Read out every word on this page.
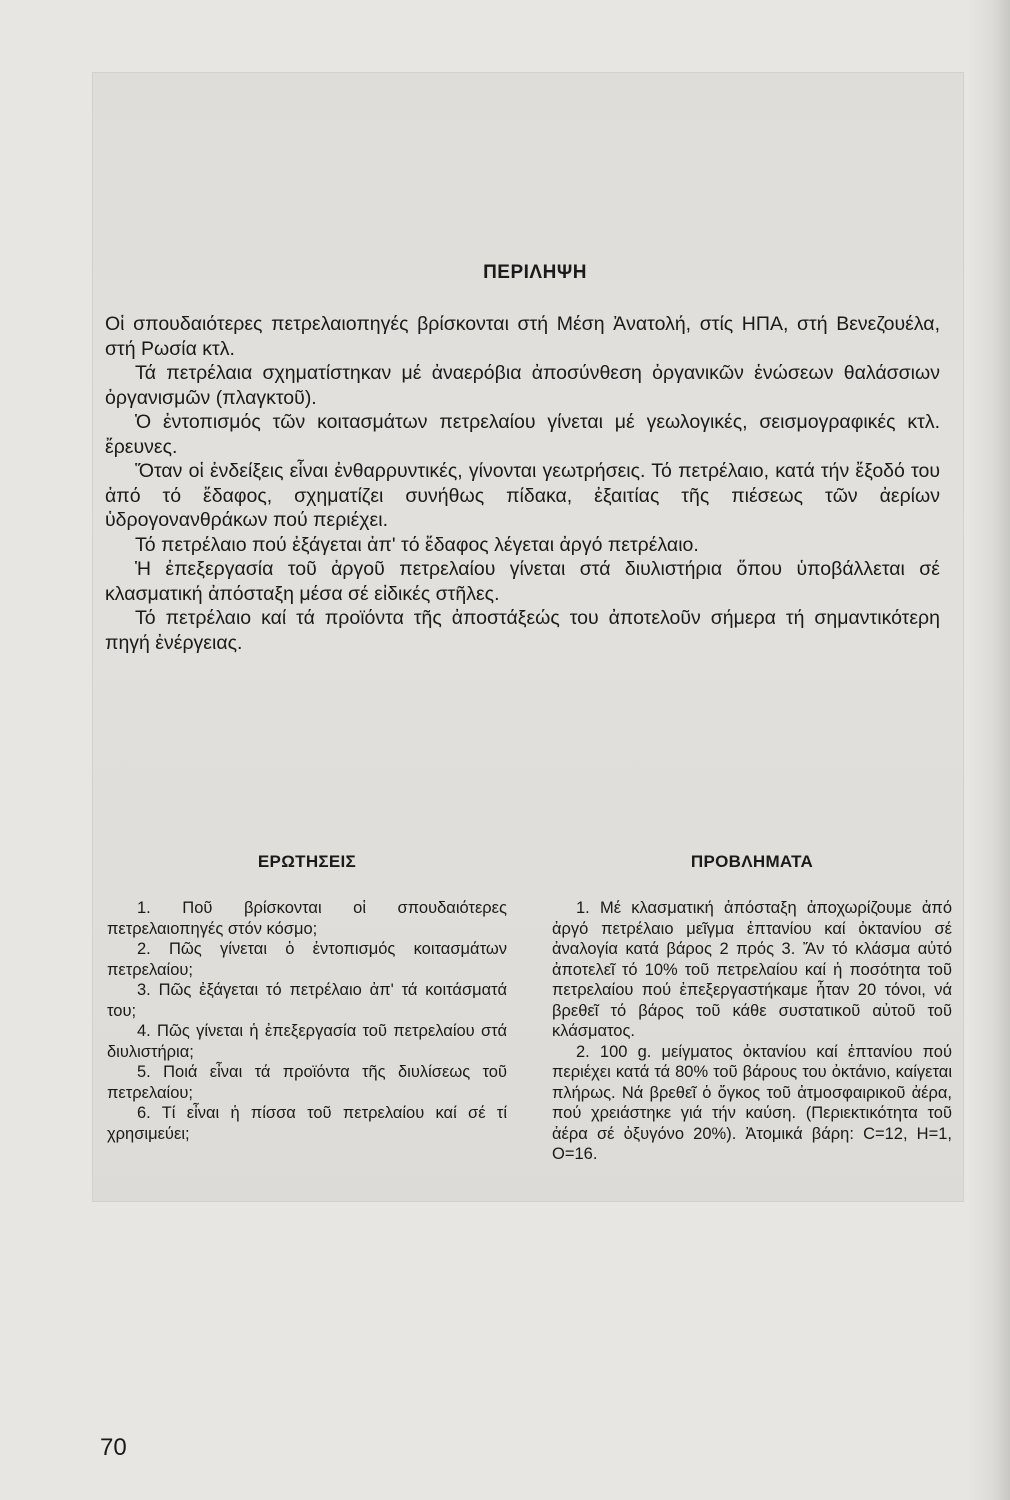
ΠΕΡΙΛΗΨΗ

Οἱ σπουδαιότερες πετρελαιοπηγές βρίσκονται στή Μέση Ἀνατολή, στίς ΗΠΑ, στή Βενεζουέλα, στή Ρωσία κτλ.

Τά πετρέλαια σχηματίστηκαν μέ ἀναερόβια ἀποσύνθεση ὀργανικῶν ἑνώσεων θαλάσσιων ὀργανισμῶν (πλαγκτοῦ).

Ὁ ἐντοπισμός τῶν κοιτασμάτων πετρελαίου γίνεται μέ γεωλογικές, σεισμογραφικές κτλ. ἔρευνες.

Ὅταν οἱ ἐνδείξεις εἶναι ἐνθαρρυντικές, γίνονται γεωτρήσεις. Τό πετρέλαιο, κατά τήν ἔξοδό του ἀπό τό ἔδαφος, σχηματίζει συνήθως πίδακα, ἐξαιτίας τῆς πιέσεως τῶν ἀερίων ὑδρογονανθράκων πού περιέχει.

Τό πετρέλαιο πού ἐξάγεται ἀπ' τό ἔδαφος λέγεται ἀργό πετρέλαιο.

Ἡ ἐπεξεργασία τοῦ ἀργοῦ πετρελαίου γίνεται στά διυλιστήρια ὅπου ὑποβάλλεται σέ κλασματική ἀπόσταξη μέσα σέ εἰδικές στῆλες.

Τό πετρέλαιο καί τά προϊόντα τῆς ἀποστάξεώς του ἀποτελοῦν σήμερα τή σημαντικότερη πηγή ἐνέργειας.

ΕΡΩΤΗΣΕΙΣ	ΠΡΟΒΛΗΜΑΤΑ

1. Ποῦ βρίσκονται οἱ σπουδαιότερες πετρελαιοπηγές στόν κόσμο;

2. Πῶς γίνεται ὁ ἐντοπισμός κοιτασμάτων πετρελαίου;

3. Πῶς ἐξάγεται τό πετρέλαιο ἀπ' τά κοιτάσματά του;

4. Πῶς γίνεται ἡ ἐπεξεργασία τοῦ πετρελαίου στά διυλιστήρια;

5. Ποιά εἶναι τά προϊόντα τῆς διυλίσεως τοῦ πετρελαίου;

6. Τί εἶναι ἡ πίσσα τοῦ πετρελαίου καί σέ τί χρησιμεύει;

1. Μέ κλασματική ἀπόσταξη ἀποχωρίζουμε ἀπό ἀργό πετρέλαιο μεῖγμα ἑπτανίου καί ὀκτανίου σέ ἀναλογία κατά βάρος 2 πρός 3. Ἄν τό κλάσμα αὐτό ἀποτελεῖ τό 10% τοῦ πετρελαίου καί ἡ ποσότητα τοῦ πετρελαίου πού ἐπεξεργαστήκαμε ἦταν 20 τόνοι, νά βρεθεῖ τό βάρος τοῦ κάθε συστατικοῦ αὐτοῦ τοῦ κλάσματος.

2. 100 g. μείγματος ὀκτανίου καί ἑπτανίου πού περιέχει κατά τά 80% τοῦ βάρους του ὀκτάνιο, καίγεται πλήρως. Νά βρεθεῖ ὁ ὄγκος τοῦ ἀτμοσφαιρικοῦ ἀέρα, πού χρειάστηκε γιά τήν καύση. (Περιεκτικότητα τοῦ ἀέρα σέ ὀξυγόνο 20%). Ἀτομικά βάρη: C=12, H=1, O=16.

70
